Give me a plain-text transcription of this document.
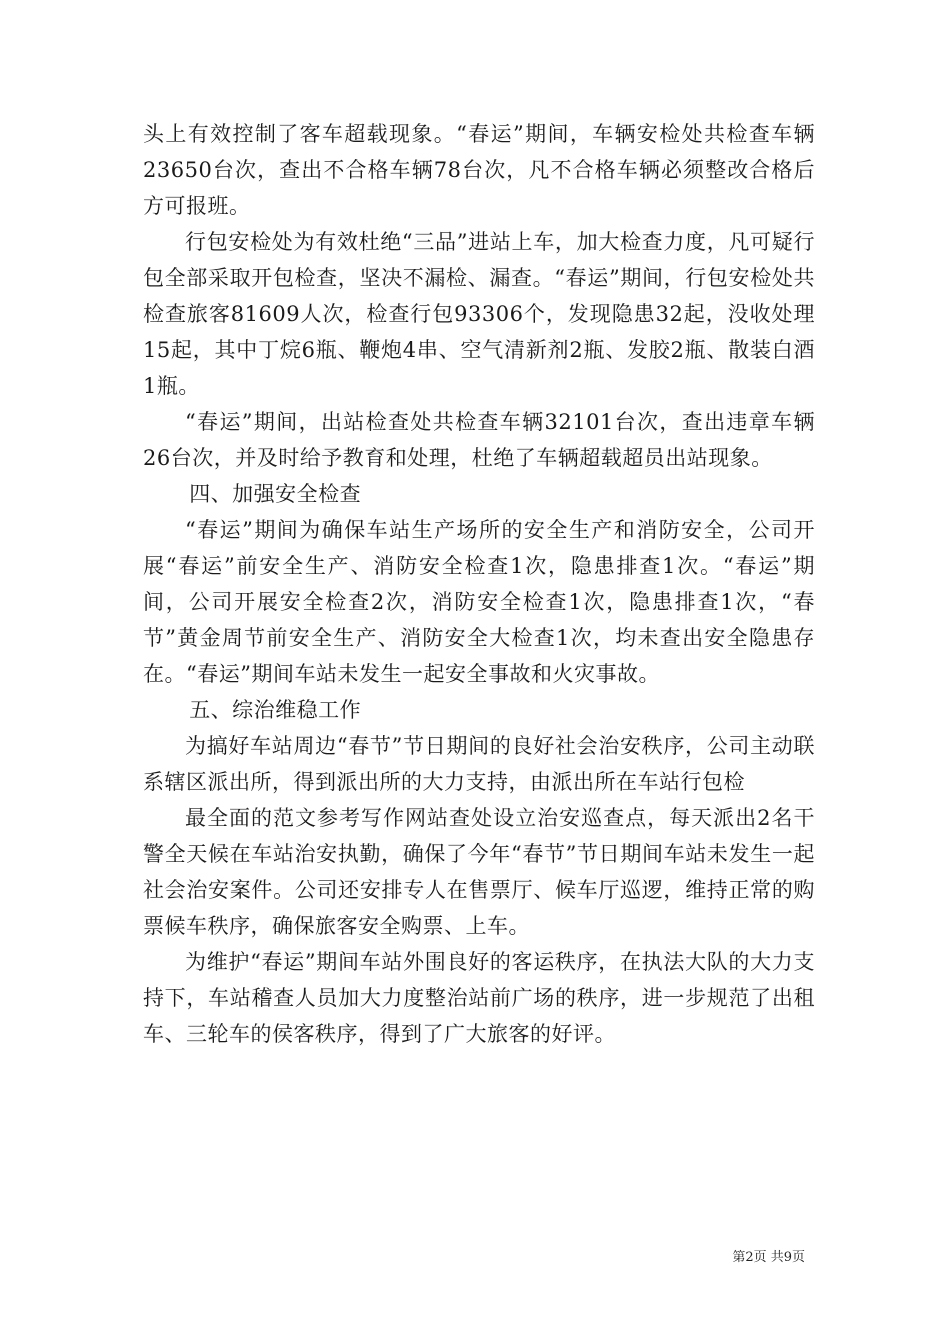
头上有效控制了客车超载现象。“春运”期间，车辆安检处共检查车辆23650台次，查出不合格车辆78台次，凡不合格车辆必须整改合格后方可报班。

行包安检处为有效杜绝“三品”进站上车，加大检查力度，凡可疑行包全部采取开包检查，坚决不漏检、漏查。“春运”期间，行包安检处共检查旅客81609人次，检查行包93306个，发现隐患32起，没收处理15起，其中丁烷6瓶、鞭炮4串、空气清新剂2瓶、发胶2瓶、散装白酒1瓶。

“春运”期间，出站检查处共检查车辆32101台次，查出违章车辆26台次，并及时给予教育和处理，杜绝了车辆超载超员出站现象。

四、加强安全检查

“春运”期间为确保车站生产场所的安全生产和消防安全，公司开展“春运”前安全生产、消防安全检查1次，隐患排查1次。“春运”期间，公司开展安全检查2次，消防安全检查1次，隐患排查1次，“春节”黄金周节前安全生产、消防安全大检查1次，均未查出安全隐患存在。“春运”期间车站未发生一起安全事故和火灾事故。

五、综治维稳工作

为搞好车站周边“春节”节日期间的良好社会治安秩序，公司主动联系辖区派出所，得到派出所的大力支持，由派出所在车站行包检

最全面的范文参考写作网站查处设立治安巡查点，每天派出2名干警全天候在车站治安执勤，确保了今年“春节”节日期间车站未发生一起社会治安案件。公司还安排专人在售票厅、候车厅巡逻，维持正常的购票候车秩序，确保旅客安全购票、上车。

为维护“春运”期间车站外围良好的客运秩序，在执法大队的大力支持下，车站稽查人员加大力度整治站前广场的秩序，进一步规范了出租车、三轮车的侯客秩序，得到了广大旅客的好评。

第2页 共9页
